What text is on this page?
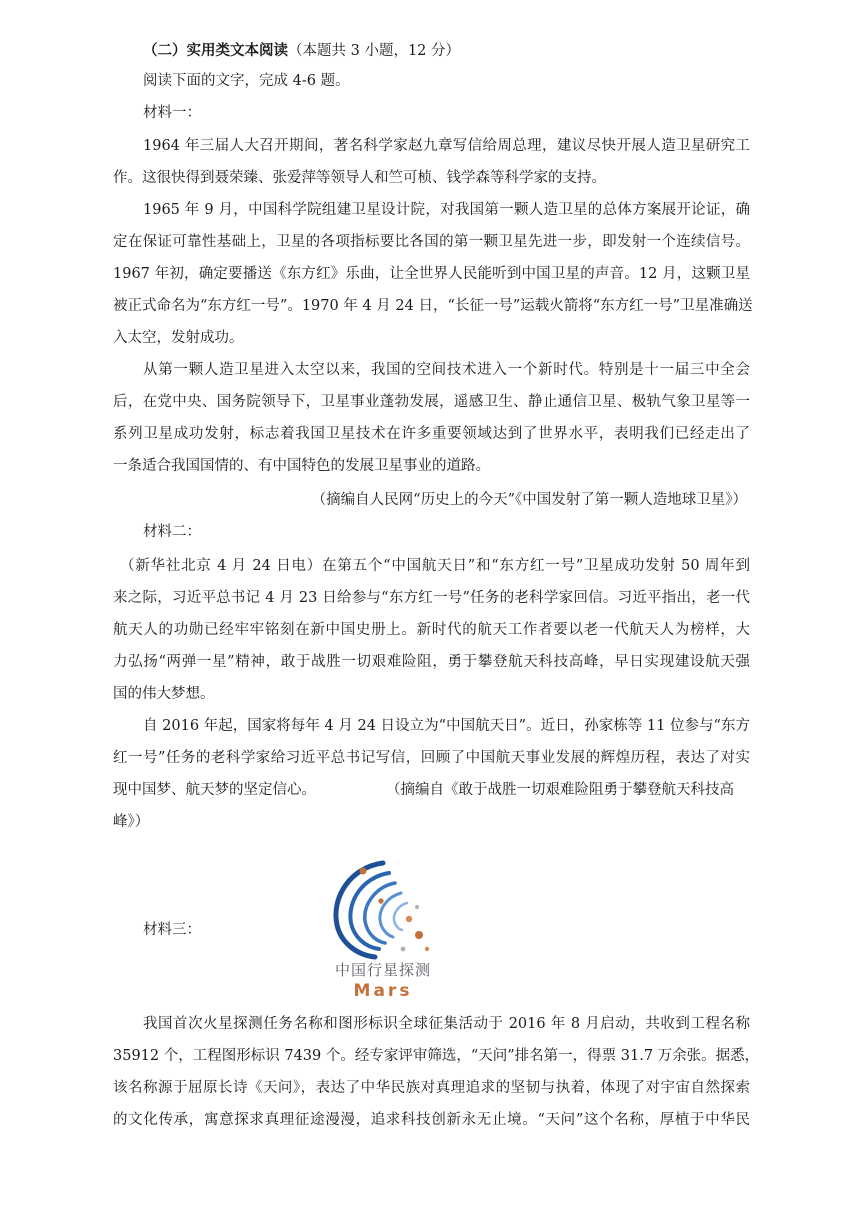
（二）实用类文本阅读（本题共 3 小题，12 分）
阅读下面的文字，完成 4-6 题。
材料一：
1964 年三届人大召开期间，著名科学家赵九章写信给周总理，建议尽快开展人造卫星研究工
作。这很快得到聂荣臻、张爱萍等领导人和竺可桢、钱学森等科学家的支持。
1965 年 9 月，中国科学院组建卫星设计院，对我国第一颗人造卫星的总体方案展开论证，确
定在保证可靠性基础上，卫星的各项指标要比各国的第一颗卫星先进一步，即发射一个连续信号。
1967 年初，确定要播送《东方红》乐曲，让全世界人民能听到中国卫星的声音。12 月，这颗卫星
被正式命名为“东方红一号”。1970 年 4 月 24 日，“长征一号”运载火箭将“东方红一号”卫星准确送
入太空，发射成功。
从第一颗人造卫星进入太空以来，我国的空间技术进入一个新时代。特别是十一届三中全会
后，在党中央、国务院领导下，卫星事业蓬勃发展，遥感卫生、静止通信卫星、极轨气象卫星等一
系列卫星成功发射，标志着我国卫星技术在许多重要领域达到了世界水平，表明我们已经走出了
一条适合我国国情的、有中国特色的发展卫星事业的道路。
（摘编自人民网“历史上的今天”《中国发射了第一颗人造地球卫星》）
材料二：
（新华社北京 4 月 24 日电）在第五个“中国航天日”和“东方红一号”卫星成功发射 50 周年到
来之际，习近平总书记 4 月 23 日给参与“东方红一号”任务的老科学家回信。习近平指出，老一代
航天人的功勋已经牢牢铭刻在新中国史册上。新时代的航天工作者要以老一代航天人为榜样，大
力弘扬“两弹一星”精神，敢于战胜一切艰难险阻，勇于攀登航天科技高峰，早日实现建设航天强
国的伟大梦想。
自 2016 年起，国家将每年 4 月 24 日设立为“中国航天日”。近日，孙家栋等 11 位参与“东方
红一号”任务的老科学家给习近平总书记写信，回顾了中国航天事业发展的辉煌历程，表达了对实
现中国梦、航天梦的坚定信心。	（摘编自《敢于战胜一切艰难险阻勇于攀登航天科技高
峰》）
材料三：
中国行星探测
Mars
我国首次火星探测任务名称和图形标识全球征集活动于 2016 年 8 月启动，共收到工程名称
35912 个，工程图形标识 7439 个。经专家评审筛选，“天问”排名第一，得票 31.7 万余张。据悉，
该名称源于屈原长诗《天问》，表达了中华民族对真理追求的坚韧与执着，体现了对宇宙自然探索
的文化传承，寓意探求真理征途漫漫，追求科技创新永无止境。“天问”这个名称，厚植于中华民
